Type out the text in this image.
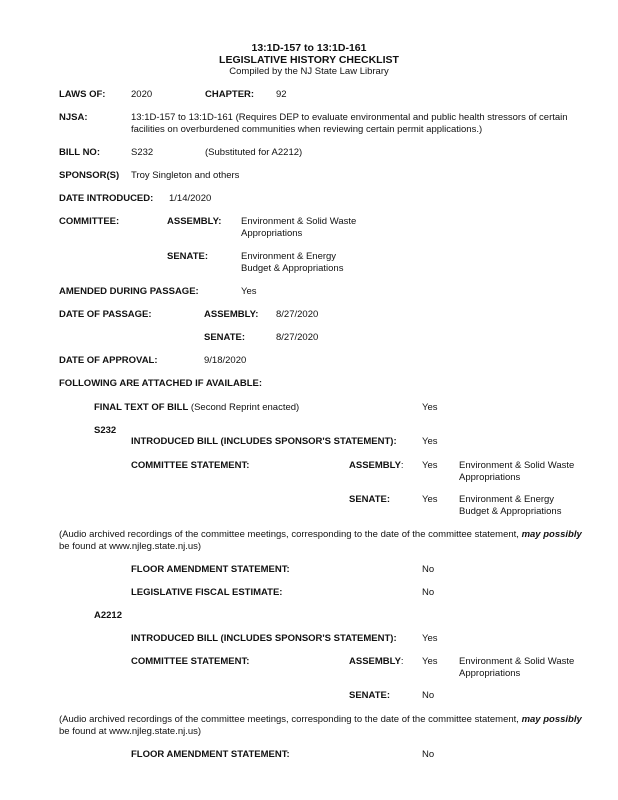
13:1D-157 to 13:1D-161
LEGISLATIVE HISTORY CHECKLIST
Compiled by the NJ State Law Library
LAWS OF:	2020	CHAPTER: 92
NJSA:	13:1D-157 to 13:1D-161 (Requires DEP to evaluate environmental and public health stressors of certain
facilities on overburdened communities when reviewing certain permit applications.)
BILL NO:	S232	(Substituted for A2212)
SPONSOR(S) Troy Singleton and others
DATE INTRODUCED: 1/14/2020
COMMITTEE:	ASSEMBLY: Environment & Solid Waste
Appropriations
SENATE:	Environment & Energy
Budget & Appropriations
AMENDED DURING PASSAGE:	Yes
DATE OF PASSAGE:	ASSEMBLY: 8/27/2020
SENATE:	8/27/2020
DATE OF APPROVAL:	9/18/2020
FOLLOWING ARE ATTACHED IF AVAILABLE:
FINAL TEXT OF BILL (Second Reprint enacted)	Yes
S232
INTRODUCED BILL (INCLUDES SPONSOR'S STATEMENT):	Yes
COMMITTEE STATEMENT:	ASSEMBLY: Yes Environment & Solid Waste
Appropriations
SENATE:	Yes Environment & Energy
Budget & Appropriations
(Audio archived recordings of the committee meetings, corresponding to the date of the committee statement, may possibly
be found at www.njleg.state.nj.us)
FLOOR AMENDMENT STATEMENT:	No
LEGISLATIVE FISCAL ESTIMATE:	No
A2212
INTRODUCED BILL (INCLUDES SPONSOR'S STATEMENT):	Yes
COMMITTEE STATEMENT:	ASSEMBLY: Yes Environment & Solid Waste
Appropriations
SENATE:	No
(Audio archived recordings of the committee meetings, corresponding to the date of the committee statement, may possibly
be found at www.njleg.state.nj.us)
FLOOR AMENDMENT STATEMENT:	No
